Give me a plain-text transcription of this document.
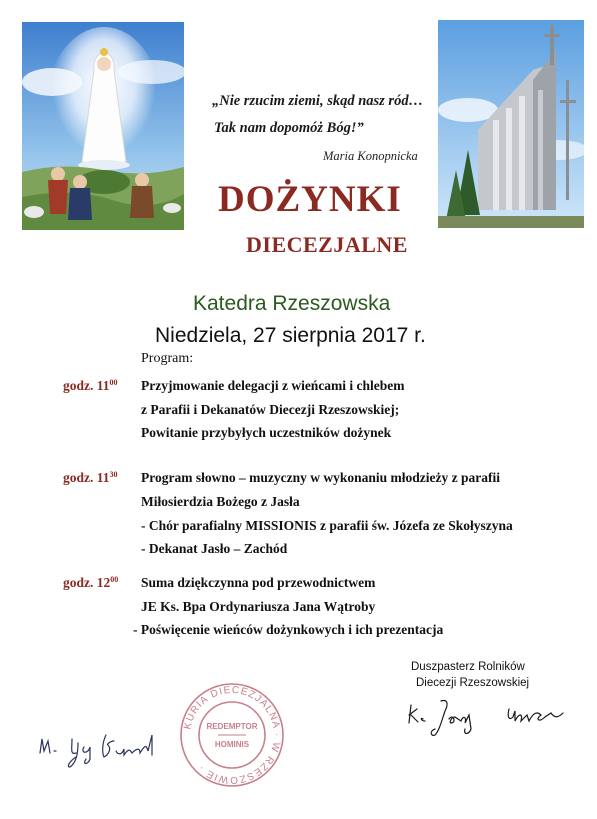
„Nie rzucim ziemi, skąd nasz ród…
Tak nam dopomóż Bóg!”
Maria Konopnicka
DOŻYNKI
DIECEZJALNE
Katedra Rzeszowska
Niedziela, 27 sierpnia 2017 r.
Program:
godz. $11^{00}$ Przyjmowanie delegacji z wieńcami i chlebem
z Parafii i Dekanatów Diecezji Rzeszowskiej;
Powitanie przybyłych uczestników dożynek
godz. $11^{30}$ Program słowno – muzyczny w wykonaniu młodzieży z parafii
Miłosierdzia Bożego z Jasła
- Chór parafialny MISSIONIS z parafii św. Józefa ze Skołyszyna
- Dekanat Jasło – Zachód
godz. $12^{00}$ Suma dziękczynna pod przewodnictwem
JE Ks. Bpa Ordynariusza Jana Wątroby
- Poświęcenie wieńców dożynkowych i ich prezentacja
Duszpasterz Rolników
Diecezji Rzeszowskiej
KURIA DIECEZJALNA · W RZESZOWIE ·
REDEMPTOR
HOMINIS
